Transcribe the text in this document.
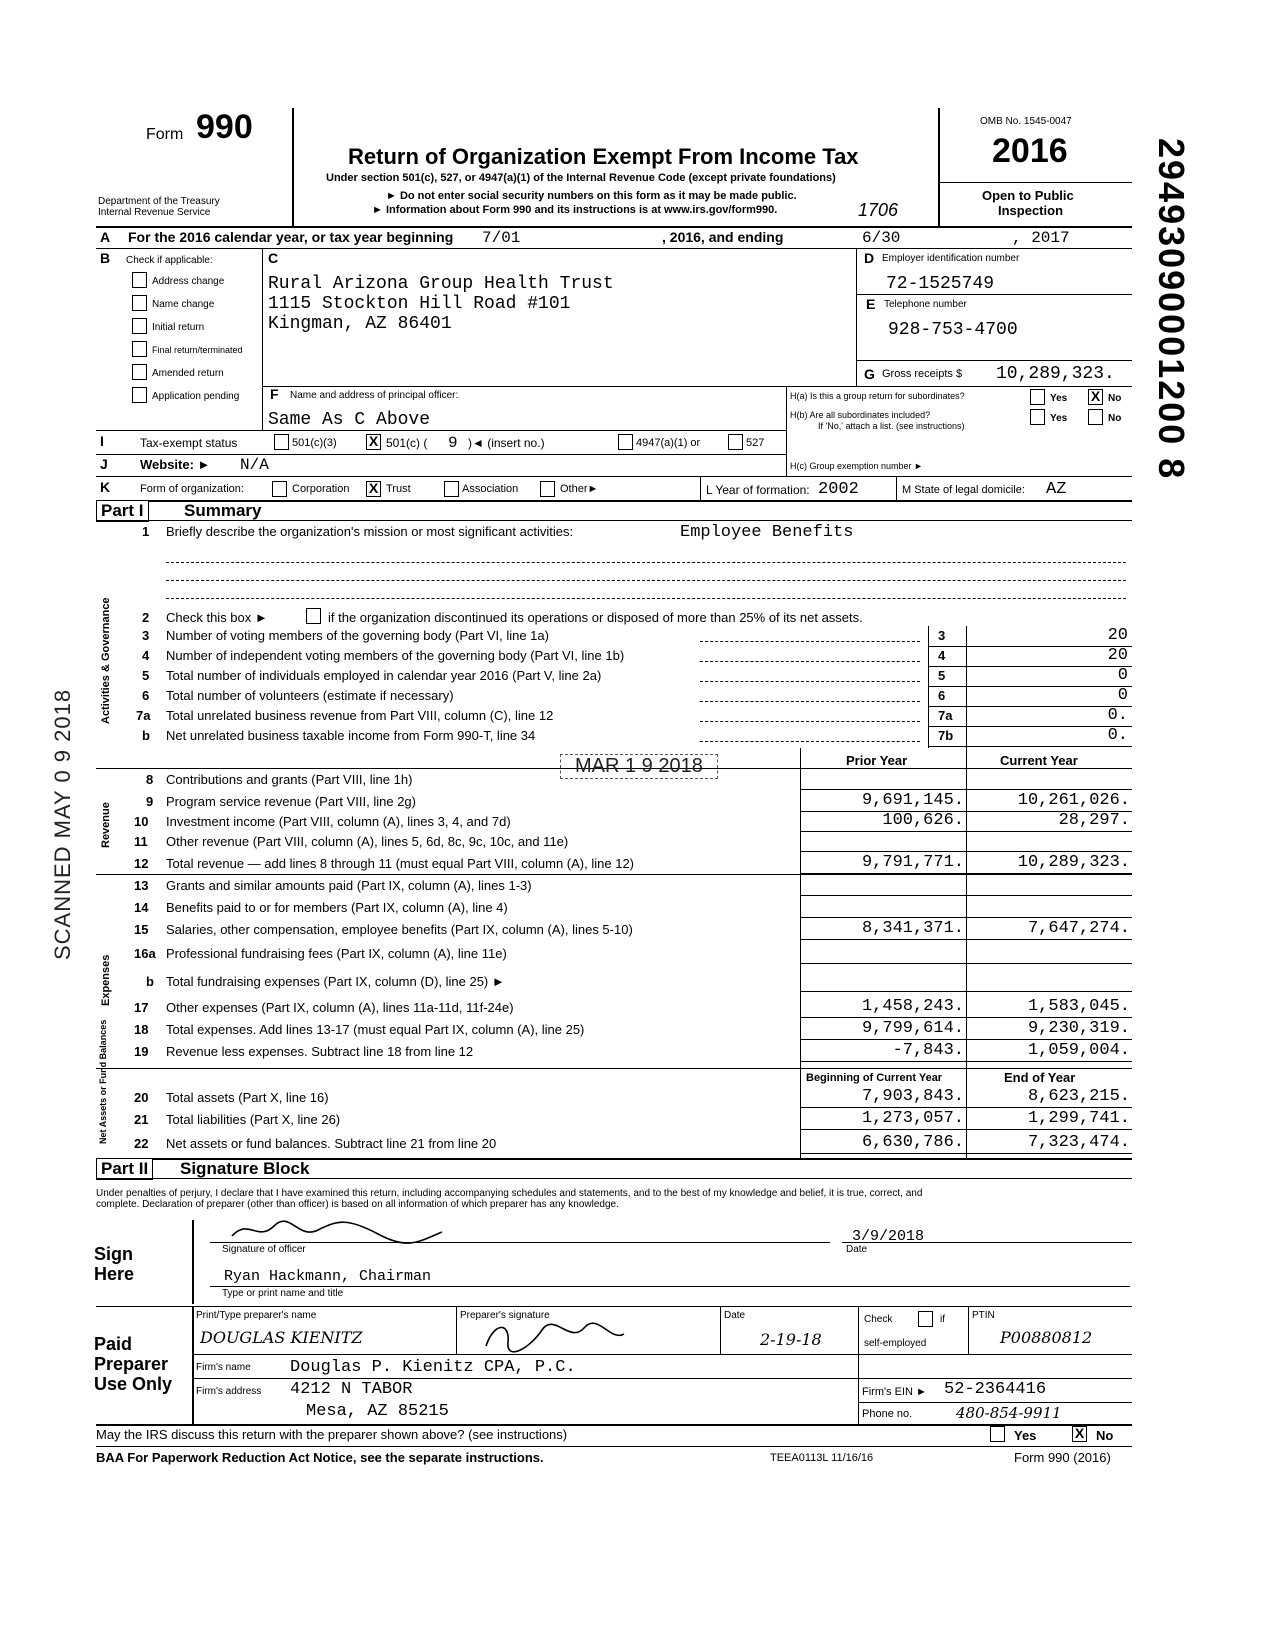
Form 990
Department of the Treasury
Internal Revenue Service
Return of Organization Exempt From Income Tax
Under section 501(c), 527, or 4947(a)(1) of the Internal Revenue Code (except private foundations)
► Do not enter social security numbers on this form as it may be made public.
► Information about Form 990 and its instructions is at www.irs.gov/form990.	1706
OMB No. 1545-0047
2016
Open to Public
Inspection 29493090001200 8
A For the 2016 calendar year, or tax year beginning 7/01	, 2016, and ending	6/30	, 2017
B Check if applicable:
Address change
Name change
Initial return
Final return/terminated
Amended return
Application pending
C
Rural Arizona Group Health Trust
1115 Stockton Hill Road #101
Kingman, AZ 86401
D Employer identification number
72-1525749
E Telephone number
928-753-4700
G Gross receipts $ 10,289,323.
F Name and address of principal officer:
Same As C Above
H(a) Is this a group return for subordinates?	Yes X No
H(b) Are all subordinates included?
If 'No,' attach a list. (see instructions)
Yes	No
I	Tax-exempt status	501(c)(3) X 501(c) ( 9 )◄ (insert no.)	4947(a)(1) or	527
J Website: ► N/A	H(c) Group exemption number ►
K	Form of organization:	Corporation X Trust	Association	Other►	L Year of formation: 2002	M State of legal domicile: AZ
Part I Summary
1 Briefly describe the organization's mission or most significant activities:	Employee Benefits
Activities & Governance 2 Check this box ►	if the organization discontinued its operations or disposed of more than 25% of its net assets.
3 Number of voting members of the governing body (Part VI, line 1a)	3	20
4 Number of independent voting members of the governing body (Part VI, line 1b)	4	20
5 Total number of individuals employed in calendar year 2016 (Part V, line 2a)	5	0
6 Total number of volunteers (estimate if necessary)	6	0
7a Total unrelated business revenue from Part VIII, column (C), line 12	7a	0.
b Net unrelated business taxable income from Form 990-T, line 34	7b	0.
Prior Year	Current Year
Revenue
8 Contributions and grants (Part VIII, line 1h)
9 Program service revenue (Part VIII, line 2g)	9,691,145.	10,261,026.
10 Investment income (Part VIII, column (A), lines 3, 4, and 7d)	100,626.	28,297.
11 Other revenue (Part VIII, column (A), lines 5, 6d, 8c, 9c, 10c, and 11e)
12 Total revenue — add lines 8 through 11 (must equal Part VIII, column (A), line 12)	9,791,771.	10,289,323.
Expenses
13 Grants and similar amounts paid (Part IX, column (A), lines 1-3)
14 Benefits paid to or for members (Part IX, column (A), line 4)
15 Salaries, other compensation, employee benefits (Part IX, column (A), lines 5-10)	8,341,371.	7,647,274.
16a Professional fundraising fees (Part IX, column (A), line 11e)
b Total fundraising expenses (Part IX, column (D), line 25) ►
17 Other expenses (Part IX, column (A), lines 11a-11d, 11f-24e)	1,458,243.	1,583,045.
18 Total expenses. Add lines 13-17 (must equal Part IX, column (A), line 25)	9,799,614.	9,230,319.
19 Revenue less expenses. Subtract line 18 from line 12	-7,843.	1,059,004.
Beginning of Current Year	End of Year
Net Assets or Fund Balances 20 Total assets (Part X, line 16)	7,903,843.	8,623,215.
21 Total liabilities (Part X, line 26)	1,273,057.	1,299,741.
22 Net assets or fund balances. Subtract line 21 from line 20	6,630,786.	7,323,474.
Part II Signature Block
Under penalties of perjury, I declare that I have examined this return, including accompanying schedules and statements, and to the best of my knowledge and belief, it is true, correct, and
complete. Declaration of preparer (other than officer) is based on all information of which preparer has any knowledge.
Sign
Here
Signature of officer
3/9/2018
Date
Ryan Hackmann, Chairman
Type or print name and title
Paid
Preparer
Use Only
Print/Type preparer's name
DOUGLAS KIENITZ
Preparer's signature	Date
2-19-18
Check	if
self-employed
PTIN
P00880812
Firm's name Douglas P. Kienitz CPA, P.C.
Firm's address 4212 N TABOR
Mesa, AZ 85215
Firm's EIN ► 52-2364416
Phone no.	480-854-9911
May the IRS discuss this return with the preparer shown above? (see instructions)	Yes	X No
BAA For Paperwork Reduction Act Notice, see the separate instructions.	TEEA0113L 11/16/16	Form 990 (2016)
MAR 1 9 2018
SCANNED MAY 0 9 2018
